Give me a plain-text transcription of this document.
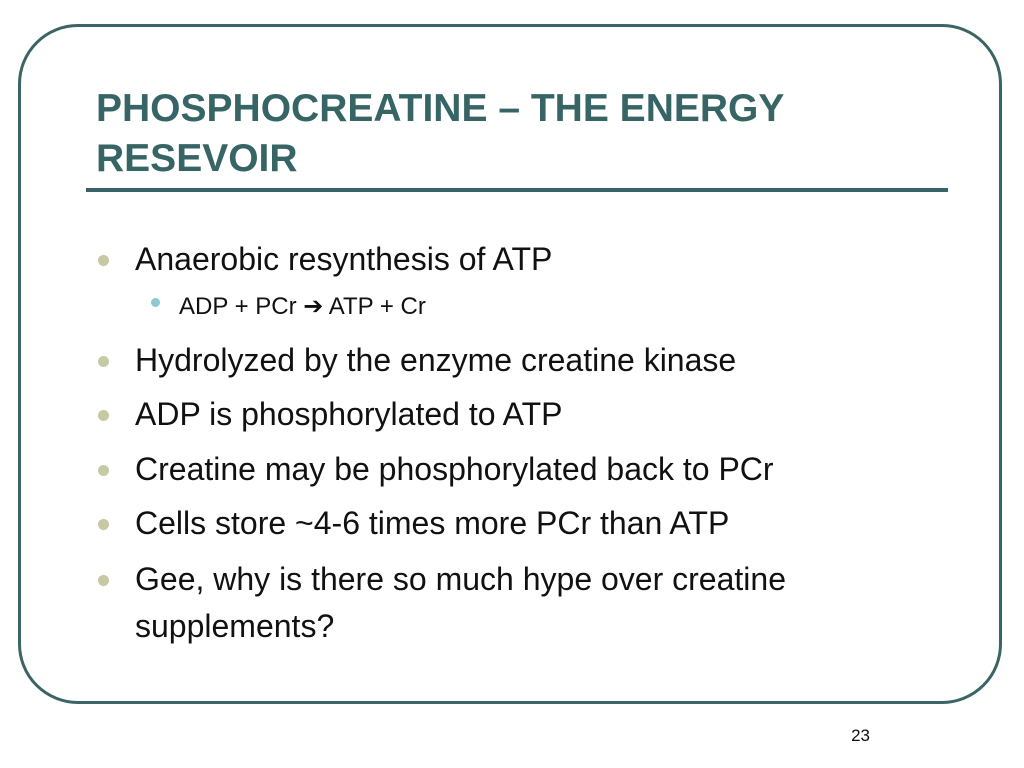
PHOSPHOCREATINE – THE ENERGY
RESEVOIR
Anaerobic resynthesis of ATP
ADP + PCr ➔ ATP + Cr
Hydrolyzed by the enzyme creatine kinase
ADP is phosphorylated to ATP
Creatine may be phosphorylated back to PCr
Cells store ~4-6 times more PCr than ATP
Gee, why is there so much hype over creatine
supplements?
23
